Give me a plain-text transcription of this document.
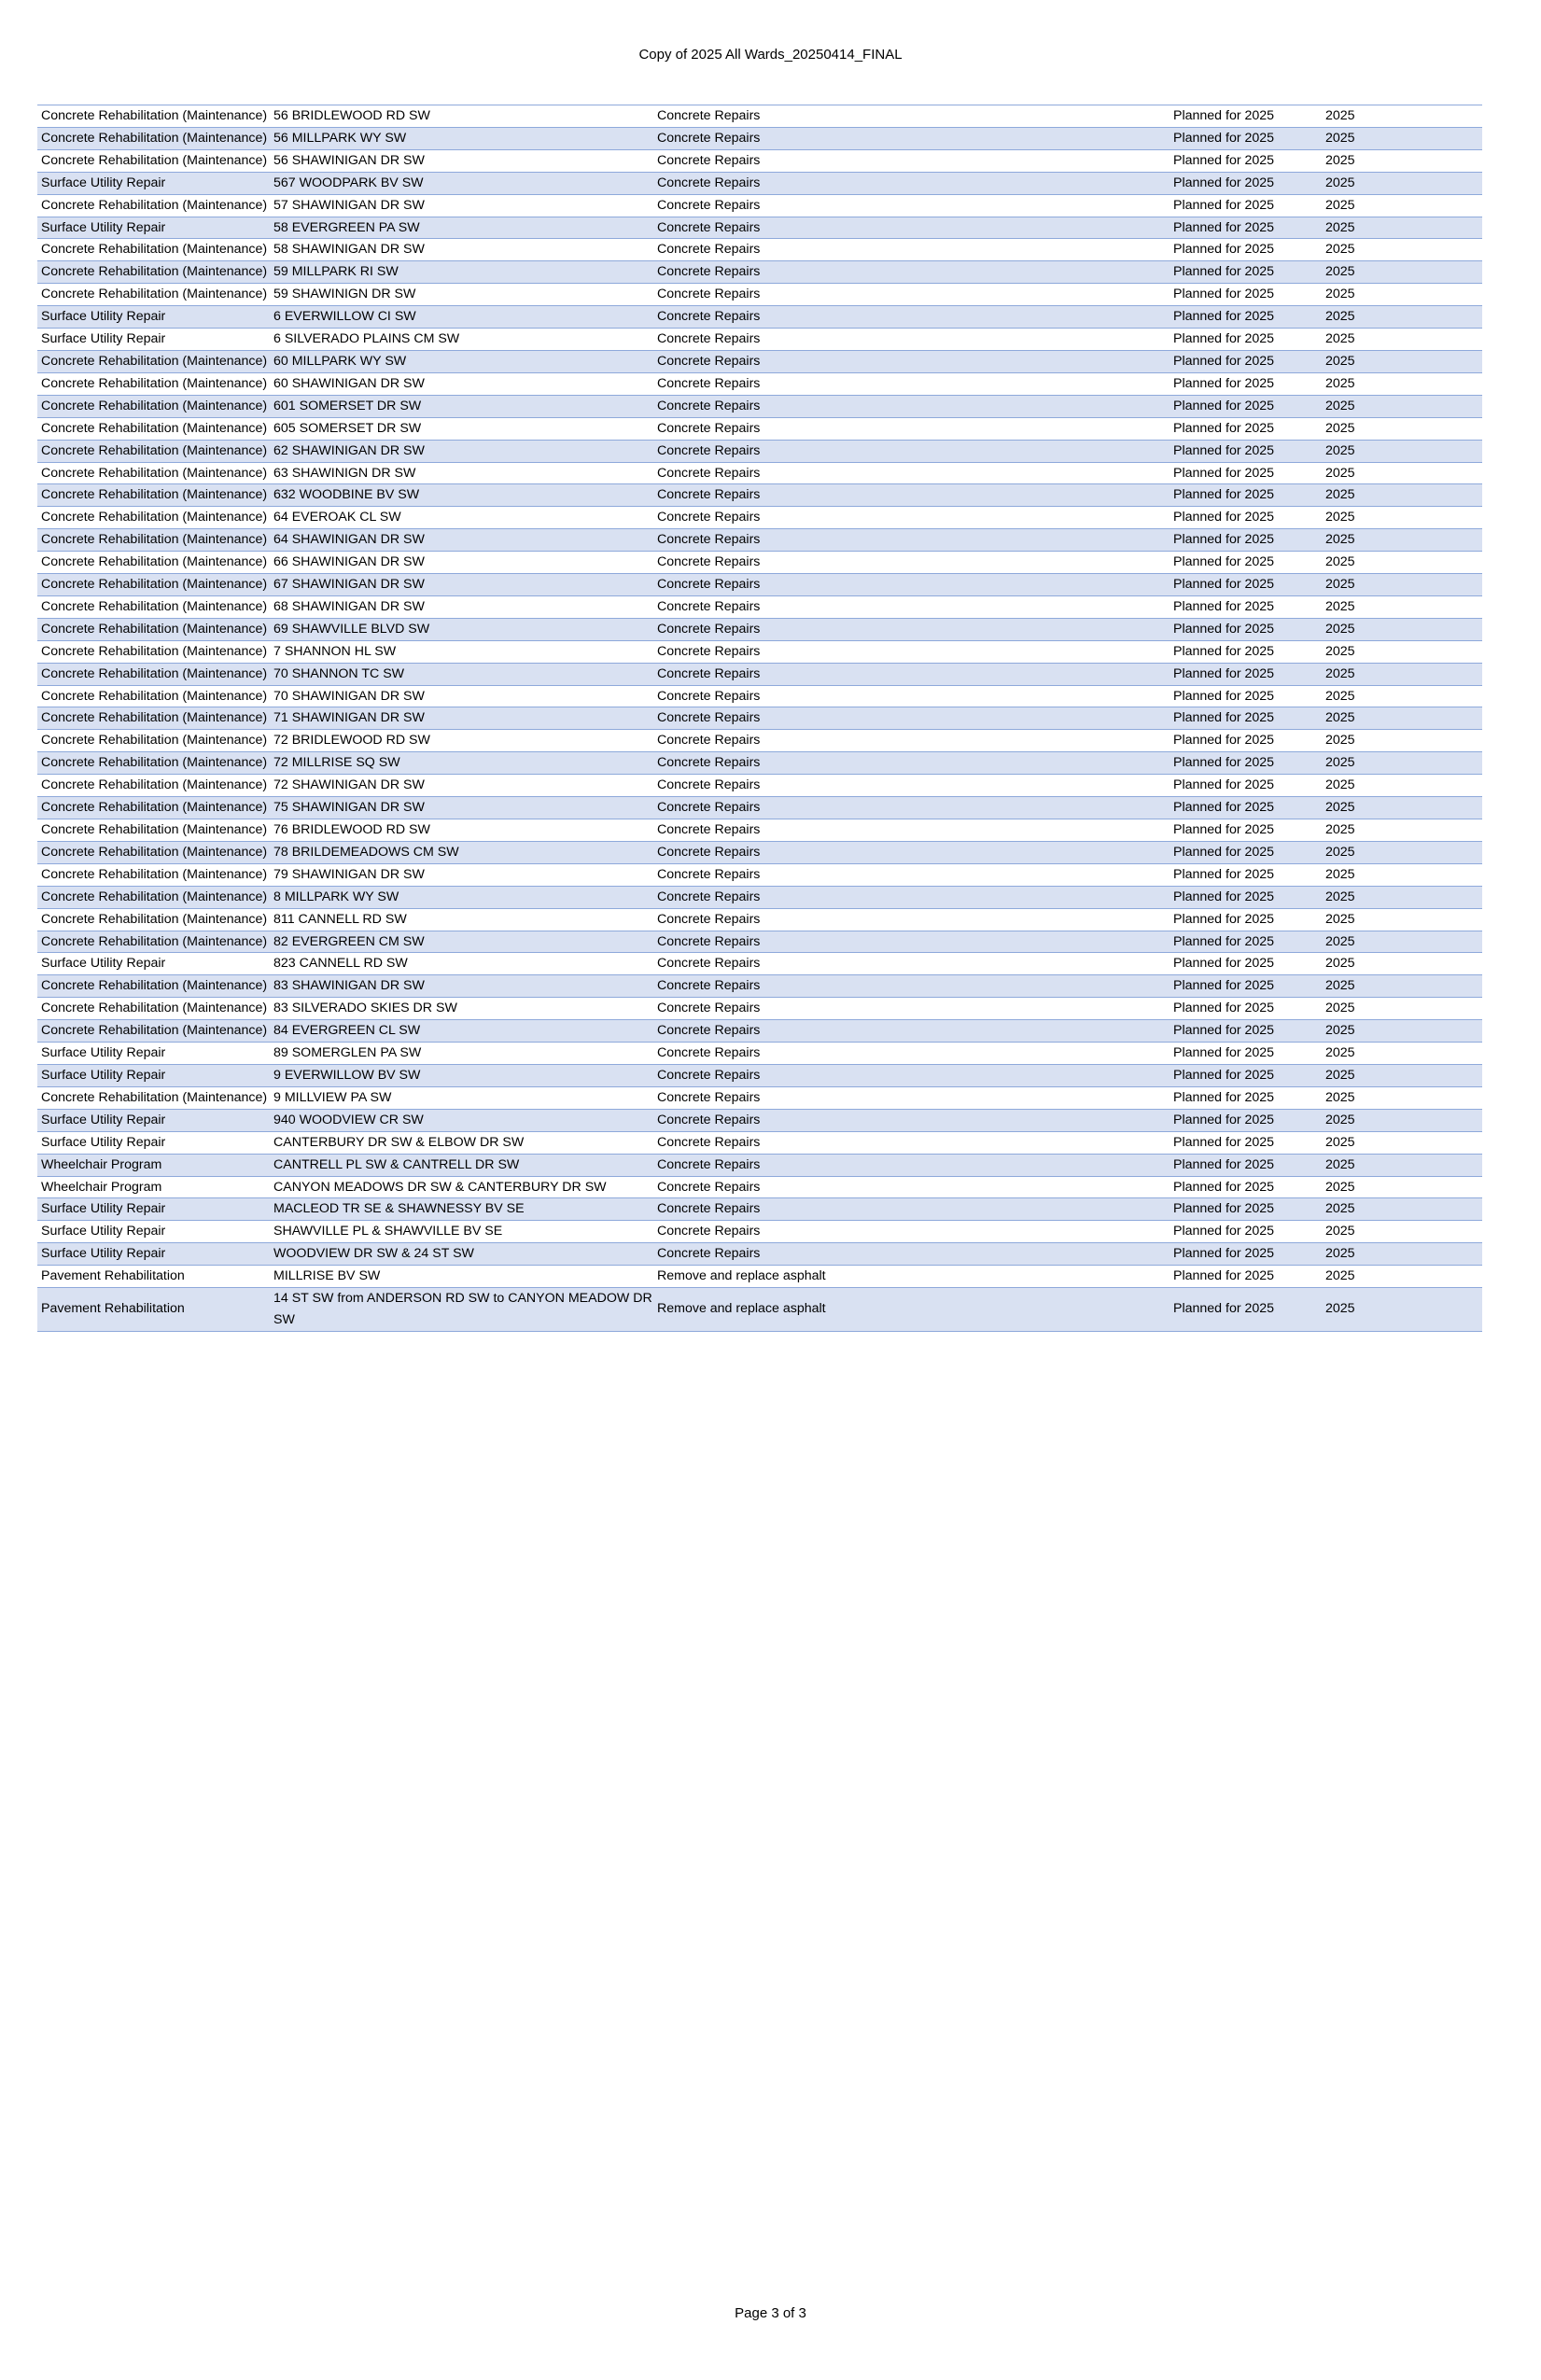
Copy of 2025 All Wards_20250414_FINAL
Concrete Rehabilitation (Maintenance)	56 BRIDLEWOOD RD SW	Concrete Repairs	Planned for 2025	2025
Concrete Rehabilitation (Maintenance)	56 MILLPARK WY SW	Concrete Repairs	Planned for 2025	2025
Concrete Rehabilitation (Maintenance)	56 SHAWINIGAN DR SW	Concrete Repairs	Planned for 2025	2025
Surface Utility Repair	567 WOODPARK BV SW	Concrete Repairs	Planned for 2025	2025
Concrete Rehabilitation (Maintenance)	57 SHAWINIGAN DR SW	Concrete Repairs	Planned for 2025	2025
Surface Utility Repair	58 EVERGREEN PA SW	Concrete Repairs	Planned for 2025	2025
Concrete Rehabilitation (Maintenance)	58 SHAWINIGAN DR SW	Concrete Repairs	Planned for 2025	2025
Concrete Rehabilitation (Maintenance)	59 MILLPARK RI SW	Concrete Repairs	Planned for 2025	2025
Concrete Rehabilitation (Maintenance)	59 SHAWINIGN DR SW	Concrete Repairs	Planned for 2025	2025
Surface Utility Repair	6 EVERWILLOW CI SW	Concrete Repairs	Planned for 2025	2025
Surface Utility Repair	6 SILVERADO PLAINS CM SW	Concrete Repairs	Planned for 2025	2025
Concrete Rehabilitation (Maintenance)	60 MILLPARK WY SW	Concrete Repairs	Planned for 2025	2025
Concrete Rehabilitation (Maintenance)	60 SHAWINIGAN DR SW	Concrete Repairs	Planned for 2025	2025
Concrete Rehabilitation (Maintenance)	601 SOMERSET DR SW	Concrete Repairs	Planned for 2025	2025
Concrete Rehabilitation (Maintenance)	605 SOMERSET DR SW	Concrete Repairs	Planned for 2025	2025
Concrete Rehabilitation (Maintenance)	62 SHAWINIGAN DR SW	Concrete Repairs	Planned for 2025	2025
Concrete Rehabilitation (Maintenance)	63 SHAWINIGN DR SW	Concrete Repairs	Planned for 2025	2025
Concrete Rehabilitation (Maintenance)	632 WOODBINE BV SW	Concrete Repairs	Planned for 2025	2025
Concrete Rehabilitation (Maintenance)	64 EVEROAK CL SW	Concrete Repairs	Planned for 2025	2025
Concrete Rehabilitation (Maintenance)	64 SHAWINIGAN DR SW	Concrete Repairs	Planned for 2025	2025
Concrete Rehabilitation (Maintenance)	66 SHAWINIGAN DR SW	Concrete Repairs	Planned for 2025	2025
Concrete Rehabilitation (Maintenance)	67 SHAWINIGAN DR SW	Concrete Repairs	Planned for 2025	2025
Concrete Rehabilitation (Maintenance)	68 SHAWINIGAN DR SW	Concrete Repairs	Planned for 2025	2025
Concrete Rehabilitation (Maintenance)	69 SHAWVILLE BLVD SW	Concrete Repairs	Planned for 2025	2025
Concrete Rehabilitation (Maintenance)	7 SHANNON HL SW	Concrete Repairs	Planned for 2025	2025
Concrete Rehabilitation (Maintenance)	70 SHANNON TC SW	Concrete Repairs	Planned for 2025	2025
Concrete Rehabilitation (Maintenance)	70 SHAWINIGAN DR SW	Concrete Repairs	Planned for 2025	2025
Concrete Rehabilitation (Maintenance)	71 SHAWINIGAN DR SW	Concrete Repairs	Planned for 2025	2025
Concrete Rehabilitation (Maintenance)	72 BRIDLEWOOD RD SW	Concrete Repairs	Planned for 2025	2025
Concrete Rehabilitation (Maintenance)	72 MILLRISE SQ SW	Concrete Repairs	Planned for 2025	2025
Concrete Rehabilitation (Maintenance)	72 SHAWINIGAN DR SW	Concrete Repairs	Planned for 2025	2025
Concrete Rehabilitation (Maintenance)	75 SHAWINIGAN DR SW	Concrete Repairs	Planned for 2025	2025
Concrete Rehabilitation (Maintenance)	76 BRIDLEWOOD RD SW	Concrete Repairs	Planned for 2025	2025
Concrete Rehabilitation (Maintenance)	78 BRILDEMEADOWS CM SW	Concrete Repairs	Planned for 2025	2025
Concrete Rehabilitation (Maintenance)	79 SHAWINIGAN DR SW	Concrete Repairs	Planned for 2025	2025
Concrete Rehabilitation (Maintenance)	8 MILLPARK WY SW	Concrete Repairs	Planned for 2025	2025
Concrete Rehabilitation (Maintenance)	811 CANNELL RD SW	Concrete Repairs	Planned for 2025	2025
Concrete Rehabilitation (Maintenance)	82 EVERGREEN CM SW	Concrete Repairs	Planned for 2025	2025
Surface Utility Repair	823 CANNELL RD SW	Concrete Repairs	Planned for 2025	2025
Concrete Rehabilitation (Maintenance)	83 SHAWINIGAN DR SW	Concrete Repairs	Planned for 2025	2025
Concrete Rehabilitation (Maintenance)	83 SILVERADO SKIES DR SW	Concrete Repairs	Planned for 2025	2025
Concrete Rehabilitation (Maintenance)	84 EVERGREEN CL SW	Concrete Repairs	Planned for 2025	2025
Surface Utility Repair	89 SOMERGLEN PA SW	Concrete Repairs	Planned for 2025	2025
Surface Utility Repair	9 EVERWILLOW BV SW	Concrete Repairs	Planned for 2025	2025
Concrete Rehabilitation (Maintenance)	9 MILLVIEW PA SW	Concrete Repairs	Planned for 2025	2025
Surface Utility Repair	940 WOODVIEW CR SW	Concrete Repairs	Planned for 2025	2025
Surface Utility Repair	CANTERBURY DR SW & ELBOW DR SW	Concrete Repairs	Planned for 2025	2025
Wheelchair Program	CANTRELL PL SW & CANTRELL DR SW	Concrete Repairs	Planned for 2025	2025
Wheelchair Program	CANYON MEADOWS DR SW & CANTERBURY DR SW	Concrete Repairs	Planned for 2025	2025
Surface Utility Repair	MACLEOD TR SE & SHAWNESSY BV SE	Concrete Repairs	Planned for 2025	2025
Surface Utility Repair	SHAWVILLE PL & SHAWVILLE BV SE	Concrete Repairs	Planned for 2025	2025
Surface Utility Repair	WOODVIEW DR SW & 24 ST SW	Concrete Repairs	Planned for 2025	2025
Pavement Rehabilitation	MILLRISE BV SW	Remove and replace asphalt	Planned for 2025	2025
Pavement Rehabilitation	14 ST SW from ANDERSON RD SW to CANYON MEADOW DR SW	Remove and replace asphalt	Planned for 2025	2025
Page 3 of 3
